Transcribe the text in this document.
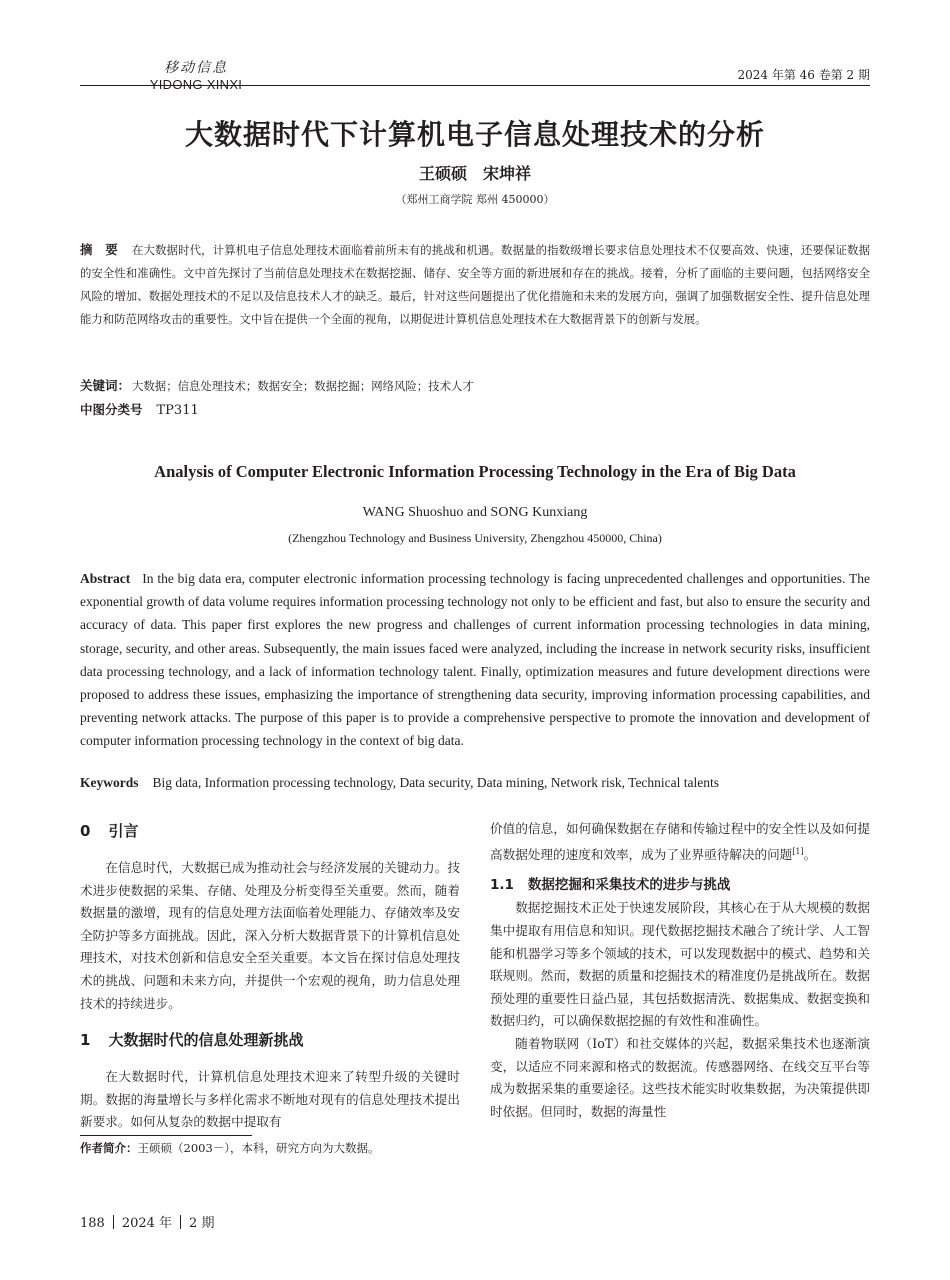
移动信息
YIDONG XINXI
2024 年第 46 卷第 2 期
大数据时代下计算机电子信息处理技术的分析
王硕硕　宋坤祥
（郑州工商学院 郑州 450000）
摘　要 在大数据时代，计算机电子信息处理技术面临着前所未有的挑战和机遇。数据量的指数级增长要求信息处理技术不仅要高效、快速，还要保证数据的安全性和准确性。文中首先探讨了当前信息处理技术在数据挖掘、储存、安全等方面的新进展和存在的挑战。接着，分析了面临的主要问题，包括网络安全风险的增加、数据处理技术的不足以及信息技术人才的缺乏。最后，针对这些问题提出了优化措施和未来的发展方向，强调了加强数据安全性、提升信息处理能力和防范网络攻击的重要性。文中旨在提供一个全面的视角，以期促进计算机信息处理技术在大数据背景下的创新与发展。
关键词： 大数据；信息处理技术；数据安全；数据挖掘；网络风险；技术人才
中图分类号 TP311
Analysis of Computer Electronic Information Processing Technology in the Era of Big Data
WANG Shuoshuo and SONG Kunxiang
(Zhengzhou Technology and Business University, Zhengzhou 450000, China)
Abstract In the big data era, computer electronic information processing technology is facing unprecedented challenges and opportunities. The exponential growth of data volume requires information processing technology not only to be efficient and fast, but also to ensure the security and accuracy of data. This paper first explores the new progress and challenges of current information processing technologies in data mining, storage, security, and other areas. Subsequently, the main issues faced were analyzed, including the increase in network security risks, insufficient data processing technology, and a lack of information technology talent. Finally, optimization measures and future development directions were proposed to address these issues, emphasizing the importance of strengthening data security, improving information processing capabilities, and preventing network attacks. The purpose of this paper is to provide a comprehensive perspective to promote the innovation and development of computer information processing technology in the context of big data.
Keywords Big data, Information processing technology, Data security, Data mining, Network risk, Technical talents
0 引言

在信息时代，大数据已成为推动社会与经济发展的关键动力。技术进步使数据的采集、存储、处理及分析变得至关重要。然而，随着数据量的激增，现有的信息处理方法面临着处理能力、存储效率及安全防护等多方面挑战。因此，深入分析大数据背景下的计算机信息处理技术，对技术创新和信息安全至关重要。本文旨在探讨信息处理技术的挑战、问题和未来方向，并提供一个宏观的视角，助力信息处理技术的持续进步。

1 大数据时代的信息处理新挑战

在大数据时代，计算机信息处理技术迎来了转型升级的关键时期。数据的海量增长与多样化需求不断地对现有的信息处理技术提出新要求。如何从复杂的数据中提取有

作者简介：王硕硕（2003－），本科，研究方向为大数据。

价值的信息，如何确保数据在存储和传输过程中的安全性以及如何提高数据处理的速度和效率，成为了业界亟待解决的问题[1]。

1.1 数据挖掘和采集技术的进步与挑战

数据挖掘技术正处于快速发展阶段，其核心在于从大规模的数据集中提取有用信息和知识。现代数据挖掘技术融合了统计学、人工智能和机器学习等多个领域的技术，可以发现数据中的模式、趋势和关联规则。然而，数据的质量和挖掘技术的精准度仍是挑战所在。数据预处理的重要性日益凸显，其包括数据清洗、数据集成、数据变换和数据归约，可以确保数据挖掘的有效性和准确性。

随着物联网（IoT）和社交媒体的兴起，数据采集技术也逐渐演变，以适应不同来源和格式的数据流。传感器网络、在线交互平台等成为数据采集的重要途径。这些技术能实时收集数据，为决策提供即时依据。但同时，数据的海量性

188 2024 年 2 期
